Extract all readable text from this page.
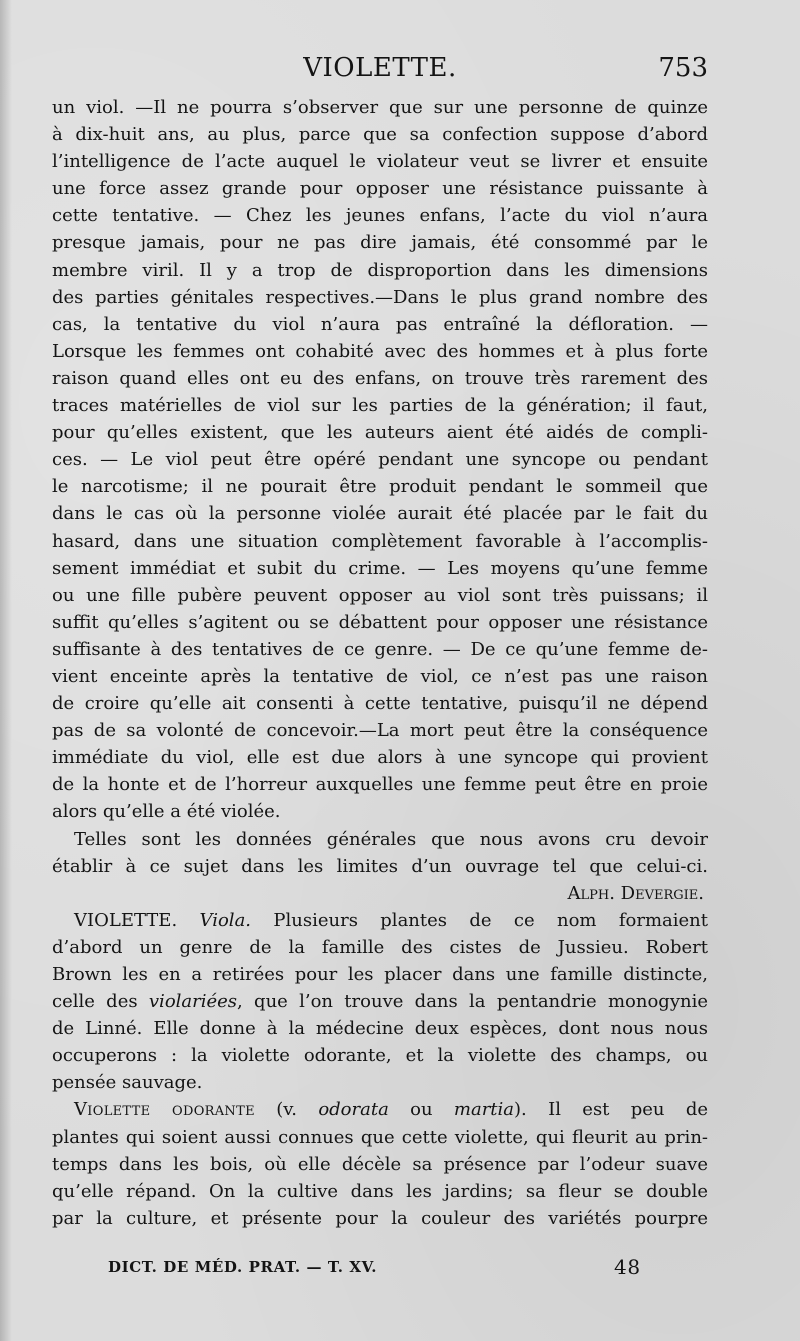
VIOLETTE.	753
un viol. —Il ne pourra s’observer que sur une personne de quinze
à dix-huit ans, au plus, parce que sa confection suppose d’abord
l’intelligence de l’acte auquel le violateur veut se livrer et ensuite
une force assez grande pour opposer une résistance puissante à
cette tentative. — Chez les jeunes enfans, l’acte du viol n’aura
presque jamais, pour ne pas dire jamais, été consommé par le
membre viril. Il y a trop de disproportion dans les dimensions
des parties génitales respectives.—Dans le plus grand nombre des
cas, la tentative du viol n’aura pas entraîné la défloration. —
Lorsque les femmes ont cohabité avec des hommes et à plus forte
raison quand elles ont eu des enfans, on trouve très rarement des
traces matérielles de viol sur les parties de la génération; il faut,
pour qu’elles existent, que les auteurs aient été aidés de compli-
ces. — Le viol peut être opéré pendant une syncope ou pendant
le narcotisme; il ne pourait être produit pendant le sommeil que
dans le cas où la personne violée aurait été placée par le fait du
hasard, dans une situation complètement favorable à l’accomplis-
sement immédiat et subit du crime. — Les moyens qu’une femme
ou une fille pubère peuvent opposer au viol sont très puissans; il
suffit qu’elles s’agitent ou se débattent pour opposer une résistance
suffisante à des tentatives de ce genre. — De ce qu’une femme de-
vient enceinte après la tentative de viol, ce n’est pas une raison
de croire qu’elle ait consenti à cette tentative, puisqu’il ne dépend
pas de sa volonté de concevoir.—La mort peut être la conséquence
immédiate du viol, elle est due alors à une syncope qui provient
de la honte et de l’horreur auxquelles une femme peut être en proie
alors qu’elle a été violée.
Telles sont les données générales que nous avons cru devoir
établir à ce sujet dans les limites d’un ouvrage tel que celui-ci.
Alph. Devergie.
VIOLETTE. Viola. Plusieurs plantes de ce nom formaient
d’abord un genre de la famille des cistes de Jussieu. Robert
Brown les en a retirées pour les placer dans une famille distincte,
celle des violariées, que l’on trouve dans la pentandrie monogynie
de Linné. Elle donne à la médecine deux espèces, dont nous nous
occuperons : la violette odorante, et la violette des champs, ou
pensée sauvage.
Violette odorante (v. odorata ou martia). Il est peu de
plantes qui soient aussi connues que cette violette, qui fleurit au prin-
temps dans les bois, où elle décèle sa présence par l’odeur suave
qu’elle répand. On la cultive dans les jardins; sa fleur se double
par la culture, et présente pour la couleur des variétés pourpre
DICT. DE MÉD. PRAT. — T. XV.	48
